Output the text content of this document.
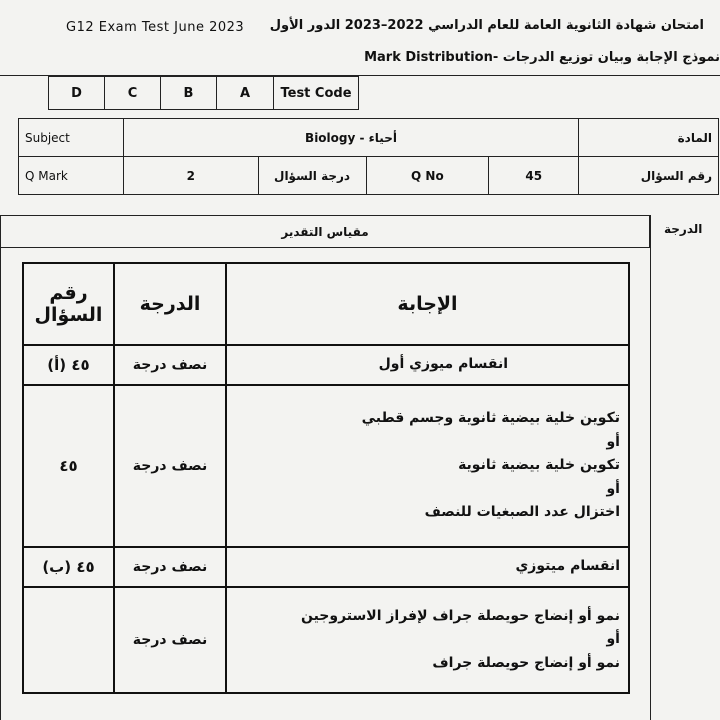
G12 Exam Test June 2023 امتحان شهادة الثانوية العامة للعام الدراسي 2022–2023 الدور الأول
نموذج الإجابة وبيان توزيع الدرجات -Mark Distribution
D	C	B	A	Test Code
Subject	Biology - أحياء				المادة
Q Mark	2	درجة السؤال	Q No	45	رقم السؤال
مقياس التقدير	الدرجة
رقم
السؤال	الدرجة	الإجابة
٤٥ (أ)	نصف درجة	انقسام ميوزي أول

٤٥	نصف درجة	تكوين خلية بيضية ثانوية وجسم قطبي
أو
تكوين خلية بيضية ثانوية
أو
اختزال عدد الصبغيات للنصف

٤٥ (ب)	نصف درجة	انقسام ميتوزي

	نصف درجة	نمو أو إنضاج حويصلة جراف لإفراز الاستروجين
أو
نمو أو إنضاج حويصلة جراف
